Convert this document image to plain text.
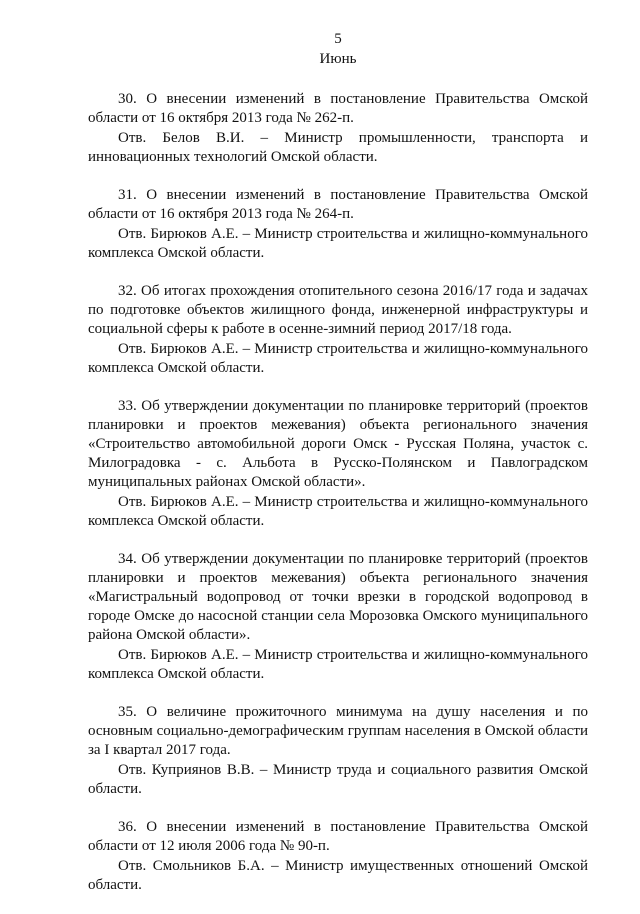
5

Июнь

30. О внесении изменений в постановление Правительства Омской области от 16 октября 2013 года № 262-п.

Отв. Белов В.И. – Министр промышленности, транспорта и инновационных технологий Омской области.

31. О внесении изменений в постановление Правительства Омской области от 16 октября 2013 года № 264-п.

Отв. Бирюков А.Е. – Министр строительства и жилищно-коммунального комплекса Омской области.

32. Об итогах прохождения отопительного сезона 2016/17 года и задачах по подготовке объектов жилищного фонда, инженерной инфраструктуры и социальной сферы к работе в осенне-зимний период 2017/18 года.

Отв. Бирюков А.Е. – Министр строительства и жилищно-коммунального комплекса Омской области.

33. Об утверждении документации по планировке территорий (проектов планировки и проектов межевания) объекта регионального значения «Строительство автомобильной дороги Омск - Русская Поляна, участок с. Милоградовка - с. Альбота в Русско-Полянском и Павлоградском муниципальных районах Омской области».

Отв. Бирюков А.Е. – Министр строительства и жилищно-коммунального комплекса Омской области.

34. Об утверждении документации по планировке территорий (проектов планировки и проектов межевания) объекта регионального значения «Магистральный водопровод от точки врезки в городской водопровод в городе Омске до насосной станции села Морозовка Омского муниципального района Омской области».

Отв. Бирюков А.Е. – Министр строительства и жилищно-коммунального комплекса Омской области.

35. О величине прожиточного минимума на душу населения и по основным социально-демографическим группам населения в Омской области за I квартал 2017 года.

Отв. Куприянов В.В. – Министр труда и социального развития Омской области.

36. О внесении изменений в постановление Правительства Омской области от 12 июля 2006 года № 90-п.

Отв. Смольников Б.А. – Министр имущественных отношений Омской области.
